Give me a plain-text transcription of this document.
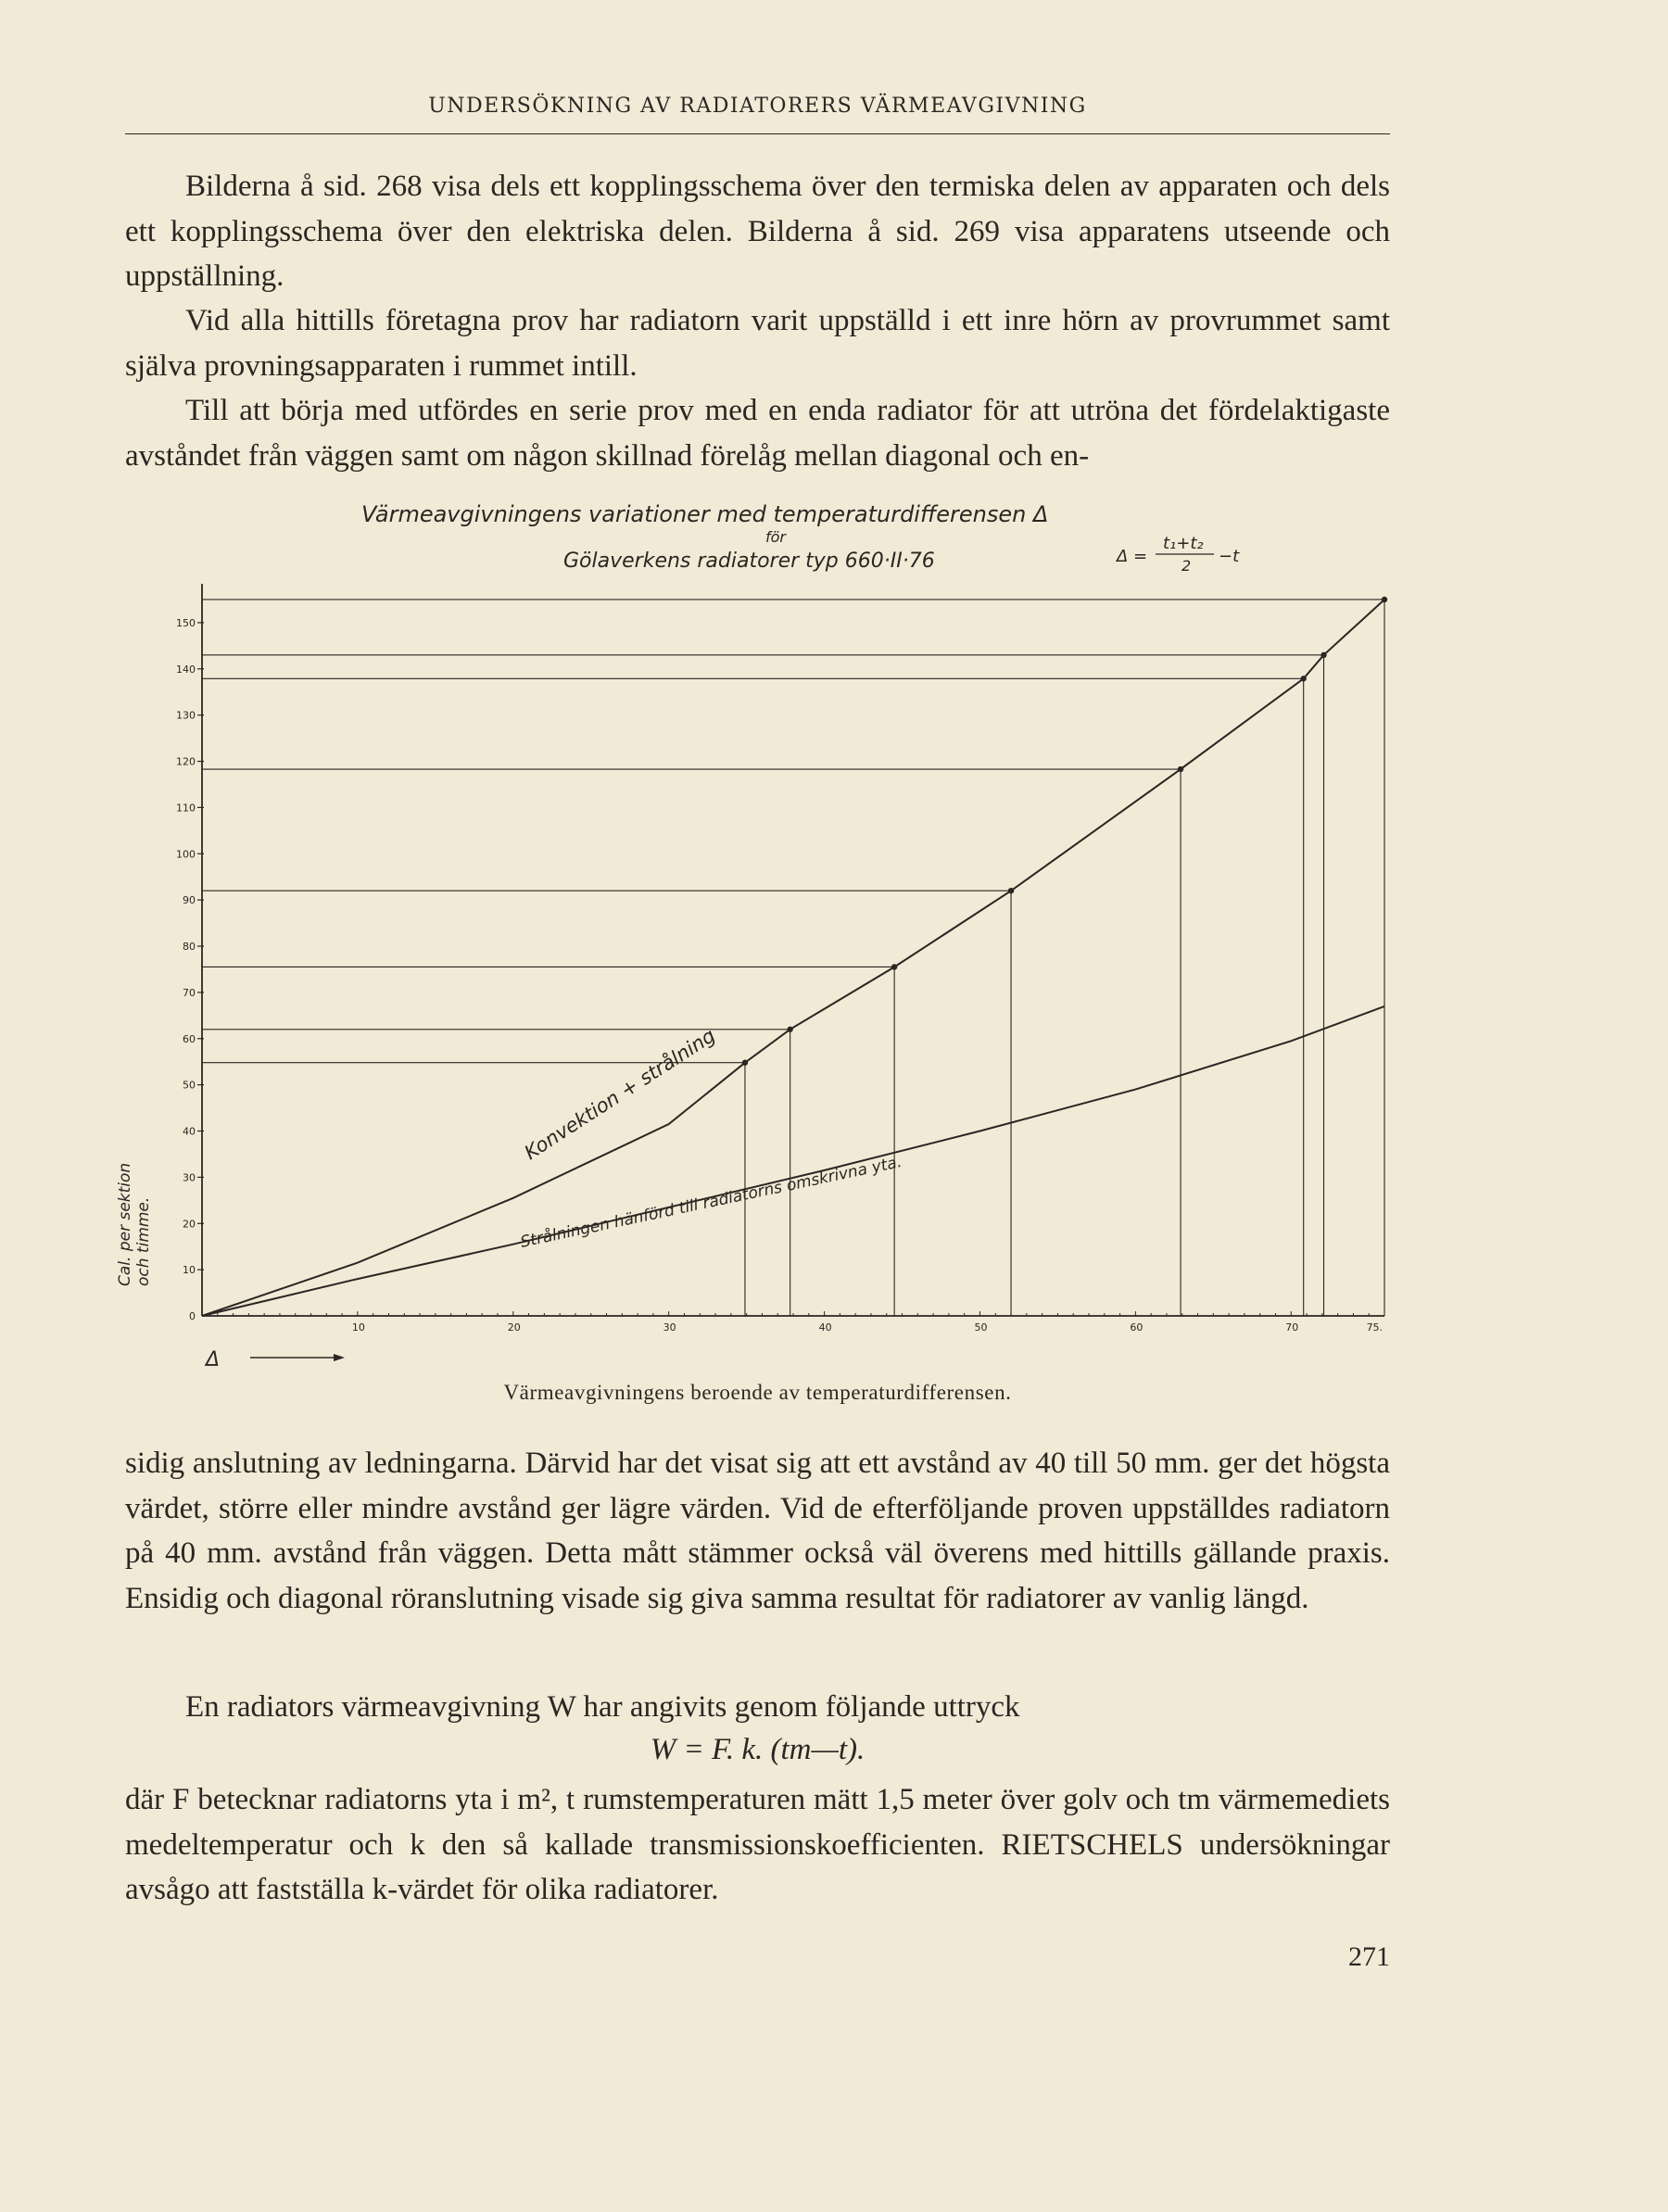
UNDERSÖKNING AV RADIATORERS VÄRMEAVGIVNING

Bilderna å sid. 268 visa dels ett kopplingsschema över den termiska delen av apparaten och dels ett kopplingsschema över den elektriska delen. Bilderna å sid. 269 visa apparatens utseende och uppställning.

Vid alla hittills företagna prov har radiatorn varit uppställd i ett inre hörn av provrummet samt själva provningsapparaten i rummet intill.

Till att börja med utfördes en serie prov med en enda radiator för att utröna det fördelaktigaste avståndet från väggen samt om någon skillnad förelåg mellan diagonal och en-

Värmeavgivningens variationer med temperaturdifferensen Δ
för
Gölaverkens radiatorer typ 660·II·76	Δ =
t₁+t₂
2 −t
10	20	30	40	50	60	70	75.
0
10
20
30
40
50
60
70
80
90
100
110
120
130
140
150
Konvektion + strålning
Strålningen hänförd till radiatorns omskrivna yta.
Cal. per sektion och timme.
Δ
Värmeavgivningens beroende av temperaturdifferensen.

sidig anslutning av ledningarna. Därvid har det visat sig att ett avstånd av 40 till 50 mm. ger det högsta värdet, större eller mindre avstånd ger lägre värden. Vid de efterföljande proven uppställdes radiatorn på 40 mm. avstånd från väggen. Detta mått stämmer också väl överens med hittills gällande praxis. Ensidig och diagonal röranslutning visade sig giva samma resultat för radiatorer av vanlig längd.

En radiators värmeavgivning W har angivits genom följande uttryck

W = F. k. (tm—t).

där F betecknar radiatorns yta i m², t rumstemperaturen mätt 1,5 meter över golv och tm värmemediets medeltemperatur och k den så kallade transmissionskoefficienten. RIETSCHELS undersökningar avsågo att fastställa k-värdet för olika radiatorer.

271
